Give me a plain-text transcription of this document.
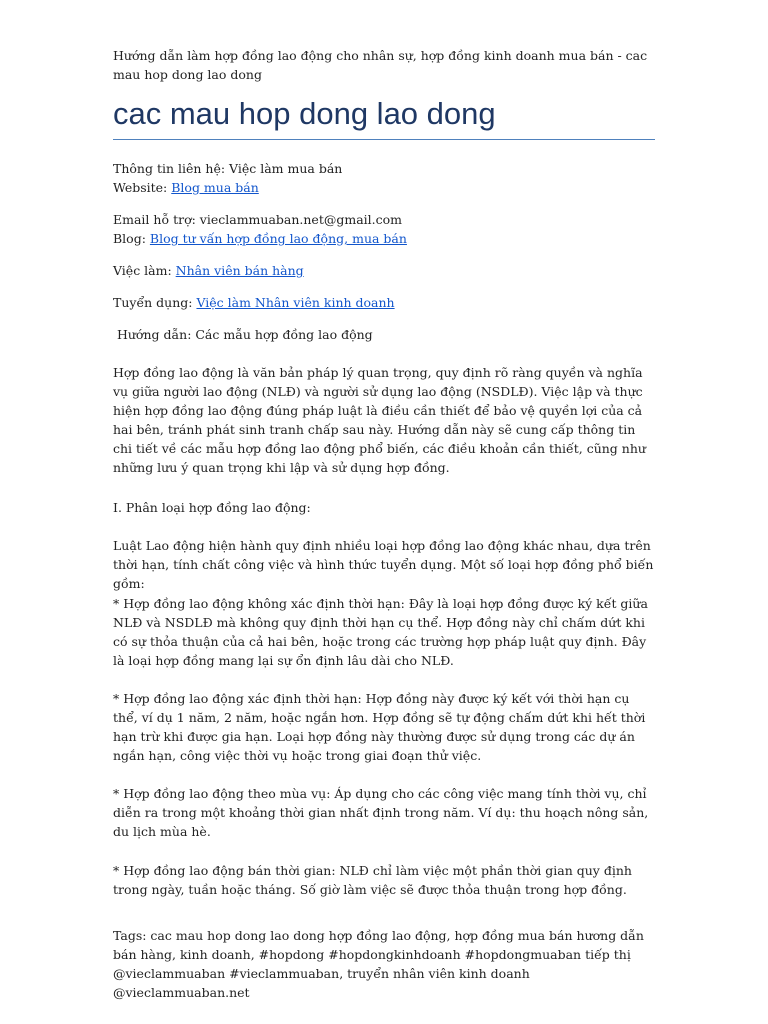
Hướng dẫn làm hợp đồng lao động cho nhân sự, hợp đồng kinh doanh mua bán - cac mau hop dong lao dong

cac mau hop dong lao dong

Thông tin liên hệ: Việc làm mua bán

Website: Blog mua bán

Email hỗ trợ: vieclammuaban.net@gmail.com

Blog: Blog tư vấn hợp đồng lao động, mua bán

Việc làm: Nhân viên bán hàng

Tuyển dụng: Việc làm Nhân viên kinh doanh

Hướng dẫn: Các mẫu hợp đồng lao động

Hợp đồng lao động là văn bản pháp lý quan trọng, quy định rõ ràng quyền và nghĩa vụ giữa người lao động (NLĐ) và người sử dụng lao động (NSDLĐ). Việc lập và thực hiện hợp đồng lao động đúng pháp luật là điều cần thiết để bảo vệ quyền lợi của cả hai bên, tránh phát sinh tranh chấp sau này. Hướng dẫn này sẽ cung cấp thông tin chi tiết về các mẫu hợp đồng lao động phổ biến, các điều khoản cần thiết, cũng như những lưu ý quan trọng khi lập và sử dụng hợp đồng.

I. Phân loại hợp đồng lao động:

Luật Lao động hiện hành quy định nhiều loại hợp đồng lao động khác nhau, dựa trên thời hạn, tính chất công việc và hình thức tuyển dụng. Một số loại hợp đồng phổ biến gồm:

* Hợp đồng lao động không xác định thời hạn: Đây là loại hợp đồng được ký kết giữa NLĐ và NSDLĐ mà không quy định thời hạn cụ thể. Hợp đồng này chỉ chấm dứt khi có sự thỏa thuận của cả hai bên, hoặc trong các trường hợp pháp luật quy định. Đây là loại hợp đồng mang lại sự ổn định lâu dài cho NLĐ.

* Hợp đồng lao động xác định thời hạn: Hợp đồng này được ký kết với thời hạn cụ thể, ví dụ 1 năm, 2 năm, hoặc ngắn hơn. Hợp đồng sẽ tự động chấm dứt khi hết thời hạn trừ khi được gia hạn. Loại hợp đồng này thường được sử dụng trong các dự án ngắn hạn, công việc thời vụ hoặc trong giai đoạn thử việc.

* Hợp đồng lao động theo mùa vụ: Áp dụng cho các công việc mang tính thời vụ, chỉ diễn ra trong một khoảng thời gian nhất định trong năm. Ví dụ: thu hoạch nông sản, du lịch mùa hè.

* Hợp đồng lao động bán thời gian: NLĐ chỉ làm việc một phần thời gian quy định trong ngày, tuần hoặc tháng. Số giờ làm việc sẽ được thỏa thuận trong hợp đồng.

Tags: cac mau hop dong lao dong hợp đồng lao động, hợp đồng mua bán hương dẫn bán hàng, kinh doanh, #hopdong #hopdongkinhdoanh #hopdongmuaban tiếp thị @vieclammuaban #vieclammuaban, truyển nhân viên kinh doanh @vieclammuaban.net
